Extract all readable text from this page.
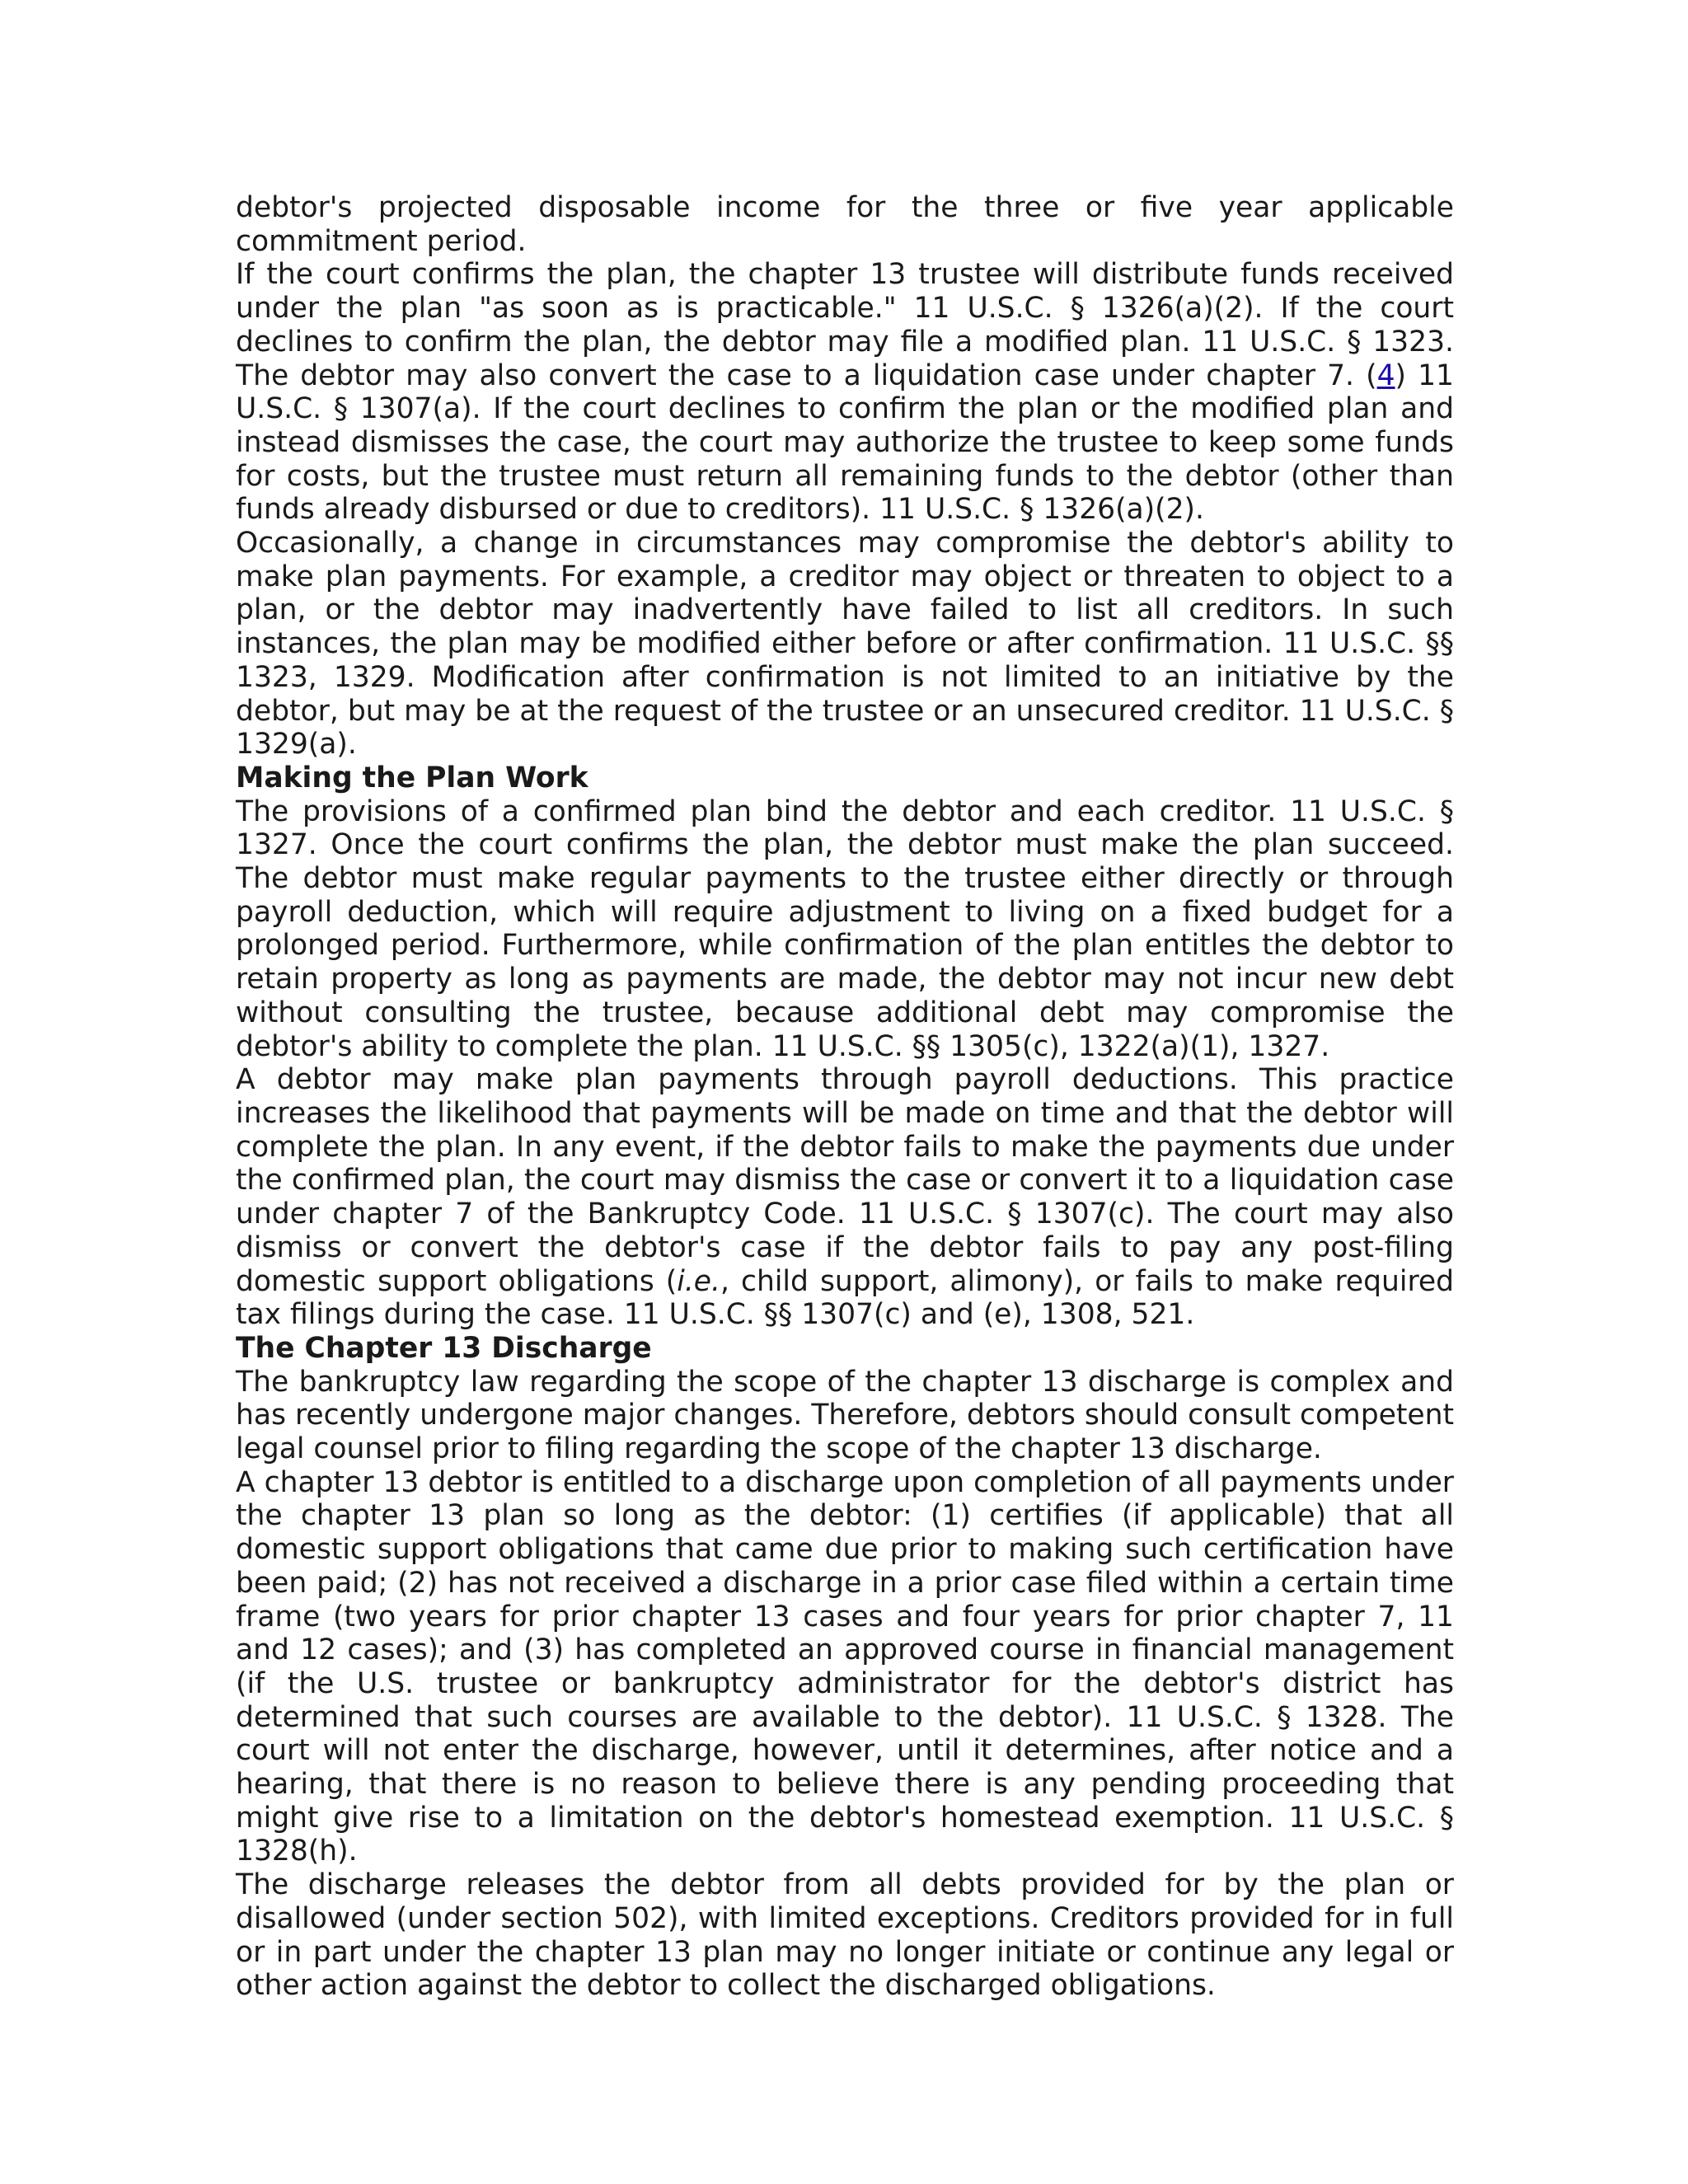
debtor's projected disposable income for the three or five year applicable commitment period.

If the court confirms the plan, the chapter 13 trustee will distribute funds received under the plan "as soon as is practicable." 11 U.S.C. § 1326(a)(2). If the court declines to confirm the plan, the debtor may file a modified plan. 11 U.S.C. § 1323. The debtor may also convert the case to a liquidation case under chapter 7. (4) 11 U.S.C. § 1307(a). If the court declines to confirm the plan or the modified plan and instead dismisses the case, the court may authorize the trustee to keep some funds for costs, but the trustee must return all remaining funds to the debtor (other than funds already disbursed or due to creditors). 11 U.S.C. § 1326(a)(2).

Occasionally, a change in circumstances may compromise the debtor's ability to make plan payments. For example, a creditor may object or threaten to object to a plan, or the debtor may inadvertently have failed to list all creditors. In such instances, the plan may be modified either before or after confirmation. 11 U.S.C. §§ 1323, 1329. Modification after confirmation is not limited to an initiative by the debtor, but may be at the request of the trustee or an unsecured creditor. 11 U.S.C. § 1329(a).

Making the Plan Work

The provisions of a confirmed plan bind the debtor and each creditor. 11 U.S.C. § 1327. Once the court confirms the plan, the debtor must make the plan succeed. The debtor must make regular payments to the trustee either directly or through payroll deduction, which will require adjustment to living on a fixed budget for a prolonged period. Furthermore, while confirmation of the plan entitles the debtor to retain property as long as payments are made, the debtor may not incur new debt without consulting the trustee, because additional debt may compromise the debtor's ability to complete the plan. 11 U.S.C. §§ 1305(c), 1322(a)(1), 1327.

A debtor may make plan payments through payroll deductions. This practice increases the likelihood that payments will be made on time and that the debtor will complete the plan. In any event, if the debtor fails to make the payments due under the confirmed plan, the court may dismiss the case or convert it to a liquidation case under chapter 7 of the Bankruptcy Code. 11 U.S.C. § 1307(c). The court may also dismiss or convert the debtor's case if the debtor fails to pay any post-filing domestic support obligations (i.e., child support, alimony), or fails to make required tax filings during the case. 11 U.S.C. §§ 1307(c) and (e), 1308, 521.

The Chapter 13 Discharge

The bankruptcy law regarding the scope of the chapter 13 discharge is complex and has recently undergone major changes. Therefore, debtors should consult competent legal counsel prior to filing regarding the scope of the chapter 13 discharge.

A chapter 13 debtor is entitled to a discharge upon completion of all payments under the chapter 13 plan so long as the debtor: (1) certifies (if applicable) that all domestic support obligations that came due prior to making such certification have been paid; (2) has not received a discharge in a prior case filed within a certain time frame (two years for prior chapter 13 cases and four years for prior chapter 7, 11 and 12 cases); and (3) has completed an approved course in financial management (if the U.S. trustee or bankruptcy administrator for the debtor's district has determined that such courses are available to the debtor). 11 U.S.C. § 1328. The court will not enter the discharge, however, until it determines, after notice and a hearing, that there is no reason to believe there is any pending proceeding that might give rise to a limitation on the debtor's homestead exemption. 11 U.S.C. § 1328(h).

The discharge releases the debtor from all debts provided for by the plan or disallowed (under section 502), with limited exceptions. Creditors provided for in full or in part under the chapter 13 plan may no longer initiate or continue any legal or other action against the debtor to collect the discharged obligations.
